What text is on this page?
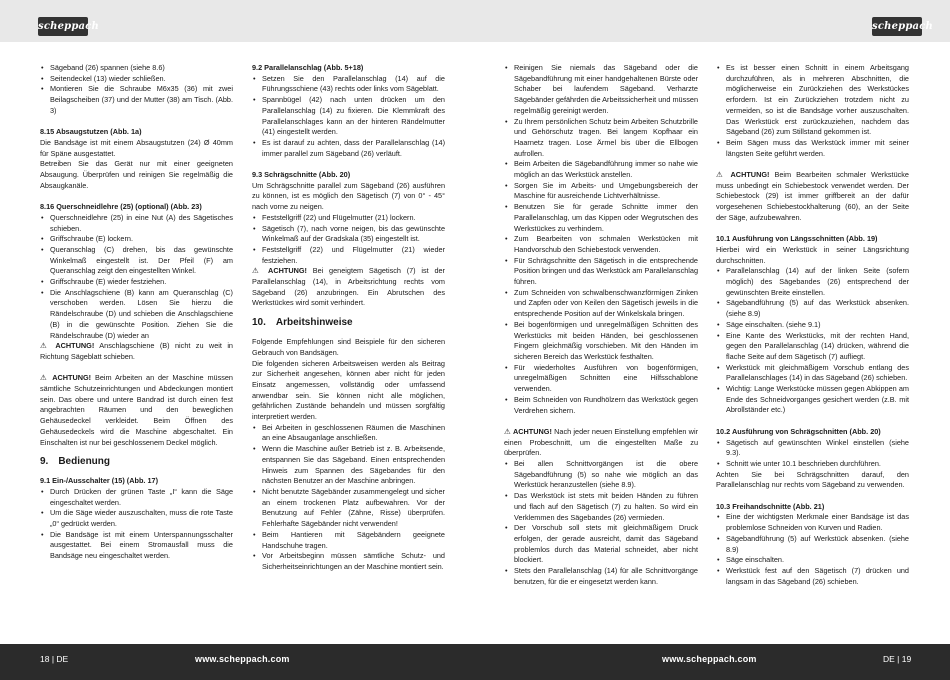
scheppach	scheppach

• Sägeband (26) spannen (siehe 8.6)

• Seitendeckel (13) wieder schließen.

• Montieren Sie die Schraube M6x35 (36) mit zwei Beilagscheiben (37) und der Mutter (38) am Tisch. (Abb. 3)

8.15 Absaugstutzen (Abb. 1a)

Die Bandsäge ist mit einem Absaugstutzen (24) Ø 40mm für Späne ausgestattet.

Betreiben Sie das Gerät nur mit einer geeigneten Absaugung. Überprüfen und reinigen Sie regelmäßig die Absaugkanäle.

8.16 Querschneidlehre (25) (optional) (Abb. 23)

• Querschneidlehre (25) in eine Nut (A) des Sägetisches schieben.

• Griffschraube (E) lockern.

• Queranschlag (C) drehen, bis das gewünschte Winkelmaß eingestellt ist. Der Pfeil (F) am Queranschlag zeigt den eingestellten Winkel.

• Griffschraube (E) wieder festziehen.

• Die Anschlagschiene (B) kann am Queranschlag (C) verschoben werden. Lösen Sie hierzu die Rändelschraube (D) und schieben die Anschlagschiene (B) in die gewünschte Position. Ziehen Sie die Rändelschraube (D) wieder an

⚠ ACHTUNG! Anschlagschiene (B) nicht zu weit in Richtung Sägeblatt schieben.

⚠ ACHTUNG! Beim Arbeiten an der Maschine müssen sämtliche Schutzeinrichtungen und Abdeckungen montiert sein. Das obere und untere Bandrad ist durch einen fest angebrachten Räumen und den beweglichen Gehäusedeckel verkleidet. Beim Öffnen des Gehäusedeckels wird die Maschine abgeschaltet. Ein Einschalten ist nur bei geschlossenem Deckel möglich.

9. Bedienung

9.1 Ein-/Ausschalter (15) (Abb. 17)

• Durch Drücken der grünen Taste „I“ kann die Säge eingeschaltet werden.

• Um die Säge wieder auszuschalten, muss die rote Taste „0“ gedrückt werden.

• Die Bandsäge ist mit einem Unterspannungsschalter ausgestattet. Bei einem Stromausfall muss die Bandsäge neu eingeschaltet werden.

9.2 Parallelanschlag (Abb. 5+18)

• Setzen Sie den Parallelanschlag (14) auf die Führungsschiene (43) rechts oder links vom Sägeblatt.

• Spannbügel (42) nach unten drücken um den Parallelanschlag (14) zu fixieren. Die Klemmkraft des Parallelanschlages kann an der hinteren Rändelmutter (41) eingestellt werden.

• Es ist darauf zu achten, dass der Parallelanschlag (14) immer parallel zum Sägeband (26) verläuft.

9.3 Schrägschnitte (Abb. 20)

Um Schrägschnitte parallel zum Sägeband (26) ausführen zu können, ist es möglich den Sägetisch (7) von 0° - 45° nach vorne zu neigen.

• Feststellgriff (22) und Flügelmutter (21) lockern.

• Sägetisch (7), nach vorne neigen, bis das gewünschte Winkelmaß auf der Gradskala (35) eingestellt ist.

• Feststellgriff (22) und Flügelmutter (21) wieder festziehen.

⚠ ACHTUNG! Bei geneigtem Sägetisch (7) ist der Parallelanschlag (14), in Arbeitsrichtung rechts vom Sägeband (26) anzubringen. Ein Abrutschen des Werkstückes wird somit verhindert.

10. Arbeitshinweise

Folgende Empfehlungen sind Beispiele für den sicheren Gebrauch von Bandsägen.

Die folgenden sicheren Arbeitsweisen werden als Beitrag zur Sicherheit angesehen, können aber nicht für jeden Einsatz angemessen, vollständig oder umfassend anwendbar sein. Sie können nicht alle möglichen, gefährlichen Zustände behandeln und müssen sorgfältig interpretiert werden.

• Bei Arbeiten in geschlossenen Räumen die Maschinen an eine Absauganlage anschließen.

• Wenn die Maschine außer Betrieb ist z. B. Arbeitsende, entspannen Sie das Sägeband. Einen entsprechenden Hinweis zum Spannen des Sägebandes für den nächsten Benutzer an der Maschine anbringen.

• Nicht benutzte Sägebänder zusammengelegt und sicher an einem trockenen Platz aufbewahren. Vor der Benutzung auf Fehler (Zähne, Risse) überprüfen. Fehlerhafte Sägebänder nicht verwenden!

• Beim Hantieren mit Sägebändern geeignete Handschuhe tragen.

• Vor Arbeitsbeginn müssen sämtliche Schutz- und Sicherheitseinrichtungen an der Maschine montiert sein.

• Reinigen Sie niemals das Sägeband oder die Sägebandführung mit einer handgehaltenen Bürste oder Schaber bei laufendem Sägeband. Verharzte Sägebänder gefährden die Arbeitssicherheit und müssen regelmäßig gereinigt werden.

• Zu Ihrem persönlichen Schutz beim Arbeiten Schutzbrille und Gehörschutz tragen. Bei langem Kopfhaar ein Haarnetz tragen. Lose Ärmel bis über die Ellbogen aufrollen.

• Beim Arbeiten die Sägebandführung immer so nahe wie möglich an das Werkstück anstellen.

• Sorgen Sie im Arbeits- und Umgebungsbereich der Maschine für ausreichende Lichtverhältnisse.

• Benutzen Sie für gerade Schnitte immer den Parallelanschlag, um das Kippen oder Wegrutschen des Werkstückes zu verhindern.

• Zum Bearbeiten von schmalen Werkstücken mit Handvorschub den Schiebestock verwenden.

• Für Schrägschnitte den Sägetisch in die entsprechende Position bringen und das Werkstück am Parallelanschlag führen.

• Zum Schneiden von schwalbenschwanzförmigen Zinken und Zapfen oder von Keilen den Sägetisch jeweils in die entsprechende Position auf der Winkelskala bringen.

• Bei bogenförmigen und unregelmäßigen Schnitten des Werkstücks mit beiden Händen, bei geschlossenen Fingern gleichmäßig vorschieben. Mit den Händen im sicheren Bereich das Werkstück festhalten.

• Für wiederholtes Ausführen von bogenförmigen, unregelmäßigen Schnitten eine Hilfsschablone verwenden.

• Beim Schneiden von Rundhölzern das Werkstück gegen Verdrehen sichern.

⚠ ACHTUNG! Nach jeder neuen Einstellung empfehlen wir einen Probeschnitt, um die eingestellten Maße zu überprüfen.

• Bei allen Schnittvorgängen ist die obere Sägebandführung (5) so nahe wie möglich an das Werkstück heranzustellen (siehe 8.9).

• Das Werkstück ist stets mit beiden Händen zu führen und flach auf den Sägetisch (7) zu halten. So wird ein Verklemmen des Sägebandes (26) vermieden.

• Der Vorschub soll stets mit gleichmäßigem Druck erfolgen, der gerade ausreicht, damit das Sägeband problemlos durch das Material schneidet, aber nicht blockiert.

• Stets den Parallelanschlag (14) für alle Schnittvorgänge benutzen, für die er eingesetzt werden kann.

• Es ist besser einen Schnitt in einem Arbeitsgang durchzuführen, als in mehreren Abschnitten, die möglicherweise ein Zurückziehen des Werkstückes erfordern. Ist ein Zurückziehen trotzdem nicht zu vermeiden, so ist die Bandsäge vorher auszuschalten. Das Werkstück erst zurückzuziehen, nachdem das Sägeband (26) zum Stillstand gekommen ist.

• Beim Sägen muss das Werkstück immer mit seiner längsten Seite geführt werden.

⚠ ACHTUNG! Beim Bearbeiten schmaler Werkstücke muss unbedingt ein Schiebestock verwendet werden. Der Schiebestock (29) ist immer griffbereit an der dafür vorgesehenen Schiebestockhalterung (60), an der Seite der Säge, aufzubewahren.

10.1 Ausführung von Längsschnitten (Abb. 19)

Hierbei wird ein Werkstück in seiner Längsrichtung durchschnitten.

• Parallelanschlag (14) auf der linken Seite (sofern möglich) des Sägebandes (26) entsprechend der gewünschten Breite einstellen.

• Sägebandführung (5) auf das Werkstück absenken. (siehe 8.9)

• Säge einschalten. (siehe 9.1)

• Eine Kante des Werkstücks, mit der rechten Hand, gegen den Parallelanschlag (14) drücken, während die flache Seite auf dem Sägetisch (7) aufliegt.

• Werkstück mit gleichmäßigem Vorschub entlang des Parallelanschlages (14) in das Sägeband (26) schieben.

• Wichtig: Lange Werkstücke müssen gegen Abkippen am Ende des Schneidvorganges gesichert werden (z.B. mit Abrollständer etc.)

10.2 Ausführung von Schrägschnitten (Abb. 20)

• Sägetisch auf gewünschten Winkel einstellen (siehe 9.3).

• Schnitt wie unter 10.1 beschrieben durchführen.

Achten Sie bei Schrägschnitten darauf, den Parallelanschlag nur rechts vom Sägeband zu verwenden.

10.3 Freihandschnitte (Abb. 21)

• Eine der wichtigsten Merkmale einer Bandsäge ist das problemlose Schneiden von Kurven und Radien.

• Sägebandführung (5) auf Werkstück absenken. (siehe 8.9)

• Säge einschalten.

• Werkstück fest auf den Sägetisch (7) drücken und langsam in das Sägeband (26) schieben.

18 | DE	www.scheppach.com	www.scheppach.com	DE | 19
